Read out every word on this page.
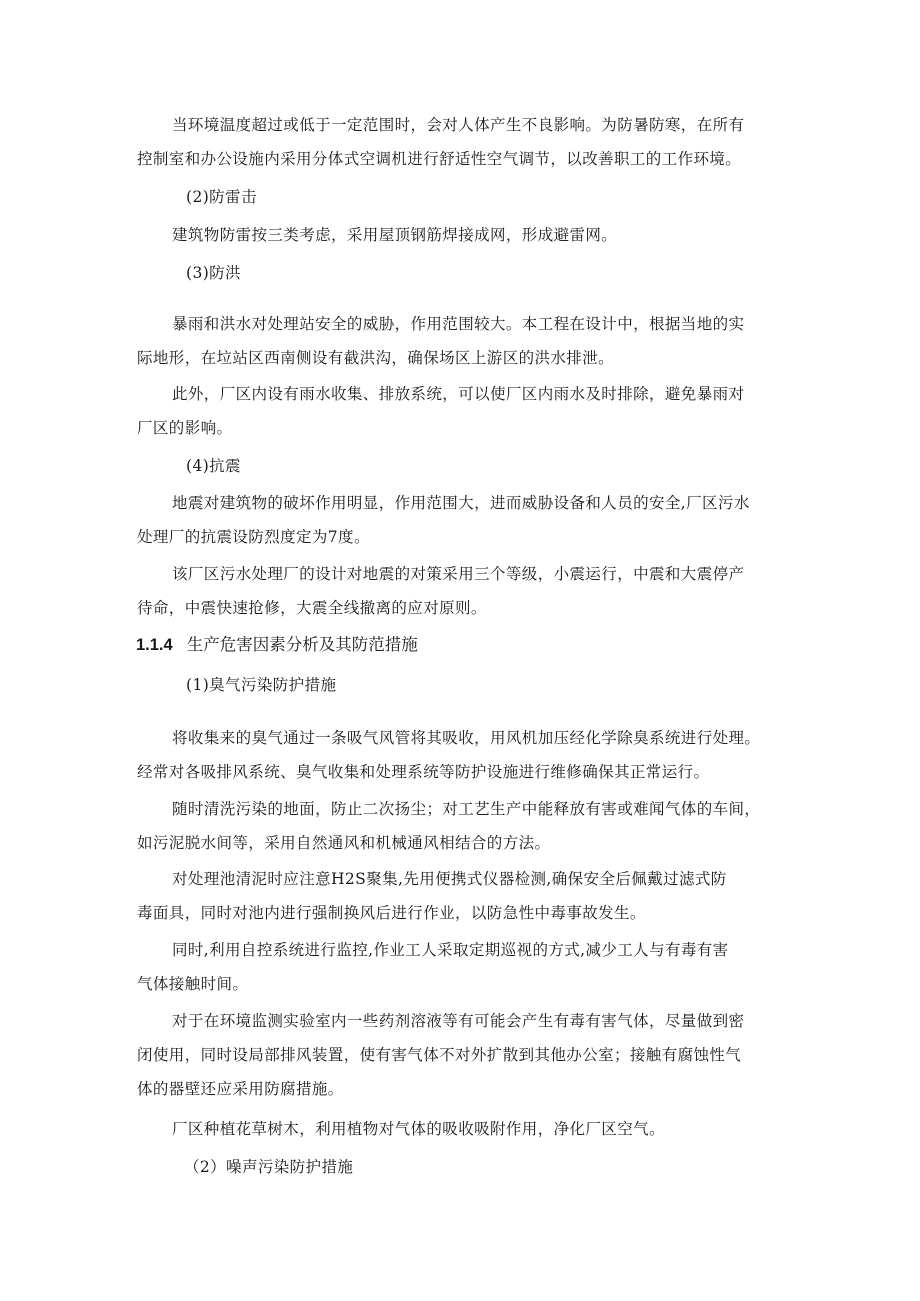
当环境温度超过或低于一定范围时，会对人体产生不良影响。为防暑防寒，在所有
控制室和办公设施内采用分体式空调机进行舒适性空气调节，以改善职工的工作环境。
(2)防雷击
建筑物防雷按三类考虑，采用屋顶钢筋焊接成网，形成避雷网。
(3)防洪
暴雨和洪水对处理站安全的威胁，作用范围较大。本工程在设计中，根据当地的实
际地形，在垃站区西南侧设有截洪沟，确保场区上游区的洪水排泄。
此外，厂区内设有雨水收集、排放系统，可以使厂区内雨水及时排除，避免暴雨对
厂区的影响。
(4)抗震
地震对建筑物的破坏作用明显，作用范围大，进而威胁设备和人员的安全,厂区污水
处理厂的抗震设防烈度定为7度。
该厂区污水处理厂的设计对地震的对策采用三个等级，小震运行，中震和大震停产
待命，中震快速抢修，大震全线撤离的应对原则。
1.1.4 生产危害因素分析及其防范措施
(1)臭气污染防护措施
将收集来的臭气通过一条吸气风管将其吸收，用风机加压经化学除臭系统进行处理。
经常对各吸排风系统、臭气收集和处理系统等防护设施进行维修确保其正常运行。
随时清洗污染的地面，防止二次扬尘；对工艺生产中能释放有害或难闻气体的车间，
如污泥脱水间等，采用自然通风和机械通风相结合的方法。
对处理池清泥时应注意H2S聚集,先用便携式仪器检测,确保安全后佩戴过滤式防
毒面具，同时对池内进行强制换风后进行作业，以防急性中毒事故发生。
同时,利用自控系统进行监控,作业工人采取定期巡视的方式,减少工人与有毒有害
气体接触时间。
对于在环境监测实验室内一些药剂溶液等有可能会产生有毒有害气体，尽量做到密
闭使用，同时设局部排风装置，使有害气体不对外扩散到其他办公室；接触有腐蚀性气
体的器壁还应采用防腐措施。
厂区种植花草树木，利用植物对气体的吸收吸附作用，净化厂区空气。
（2）噪声污染防护措施
